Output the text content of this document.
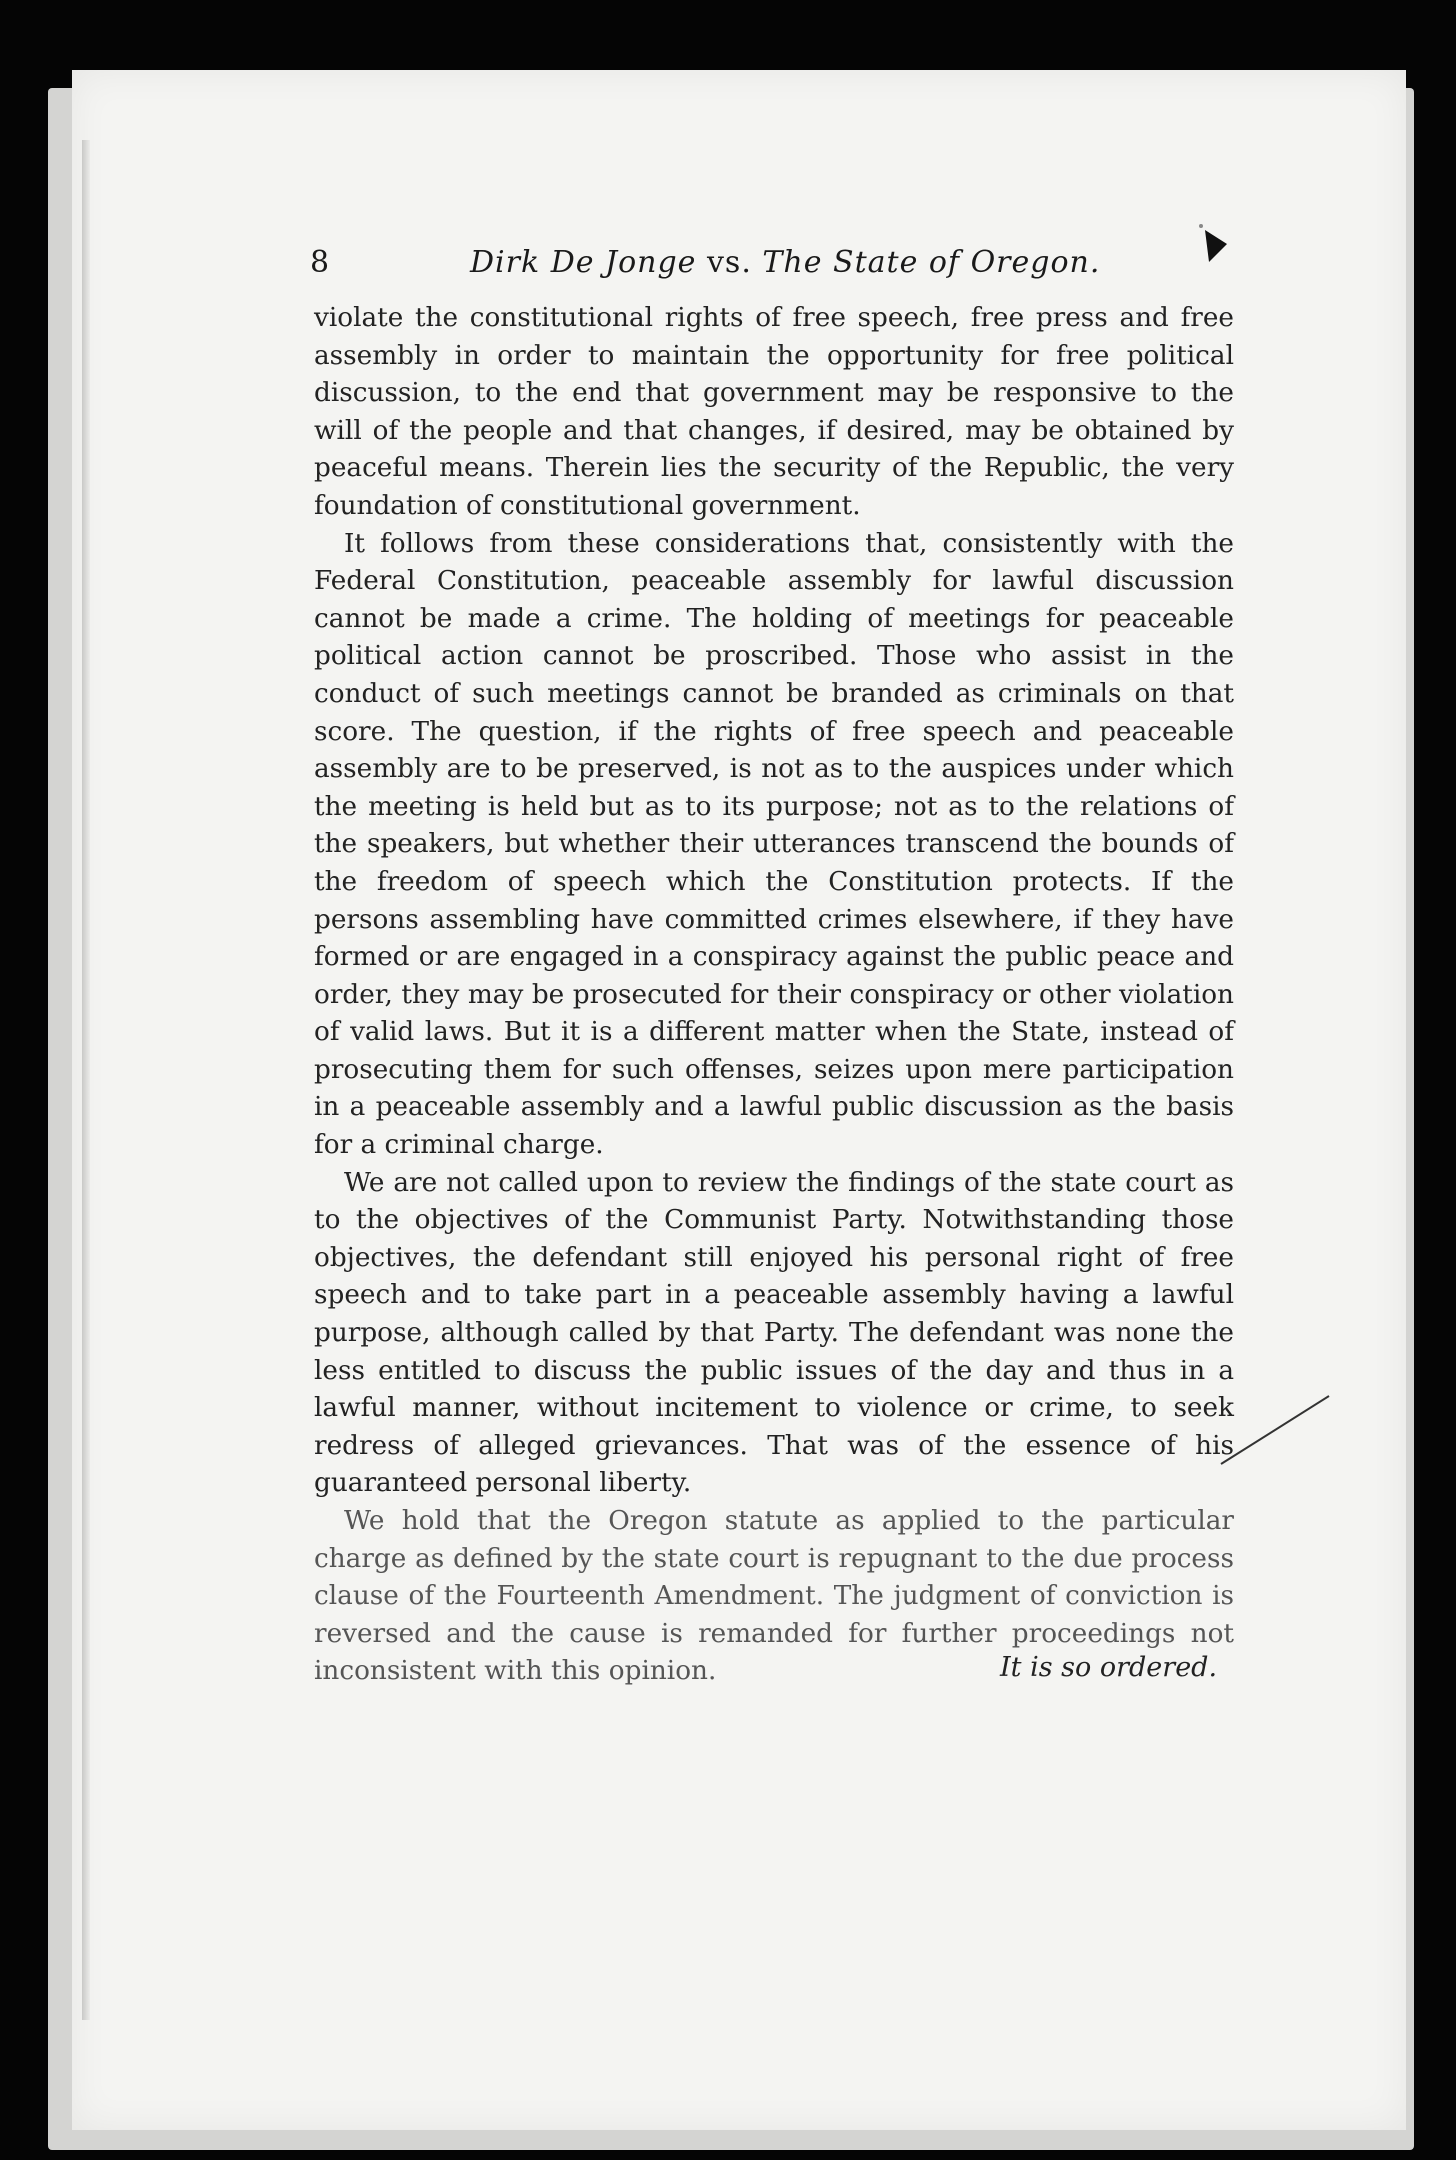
8	Dirk De Jonge vs. The State of Oregon.

violate the constitutional rights of free speech, free press and free assembly in order to maintain the opportunity for free political discussion, to the end that government may be responsive to the will of the people and that changes, if desired, may be obtained by peaceful means. Therein lies the security of the Republic, the very foundation of constitutional government.

It follows from these considerations that, consistently with the Federal Constitution, peaceable assembly for lawful discussion cannot be made a crime. The holding of meetings for peaceable political action cannot be proscribed. Those who assist in the conduct of such meetings cannot be branded as criminals on that score. The question, if the rights of free speech and peaceable assembly are to be preserved, is not as to the auspices under which the meeting is held but as to its purpose; not as to the relations of the speakers, but whether their utterances transcend the bounds of the freedom of speech which the Constitution protects. If the persons assembling have committed crimes elsewhere, if they have formed or are engaged in a conspiracy against the public peace and order, they may be prosecuted for their conspiracy or other violation of valid laws. But it is a different matter when the State, instead of prosecuting them for such offenses, seizes upon mere participation in a peaceable assembly and a lawful public discussion as the basis for a criminal charge.

We are not called upon to review the findings of the state court as to the objectives of the Communist Party. Notwithstanding those objectives, the defendant still enjoyed his personal right of free speech and to take part in a peaceable assembly having a lawful purpose, although called by that Party. The defendant was none the less entitled to discuss the public issues of the day and thus in a lawful manner, without incitement to violence or crime, to seek redress of alleged grievances. That was of the essence of his guaranteed personal liberty.

We hold that the Oregon statute as applied to the particular charge as defined by the state court is repugnant to the due process clause of the Fourteenth Amendment. The judgment of conviction is reversed and the cause is remanded for further proceedings not inconsistent with this opinion.	It is so ordered.
